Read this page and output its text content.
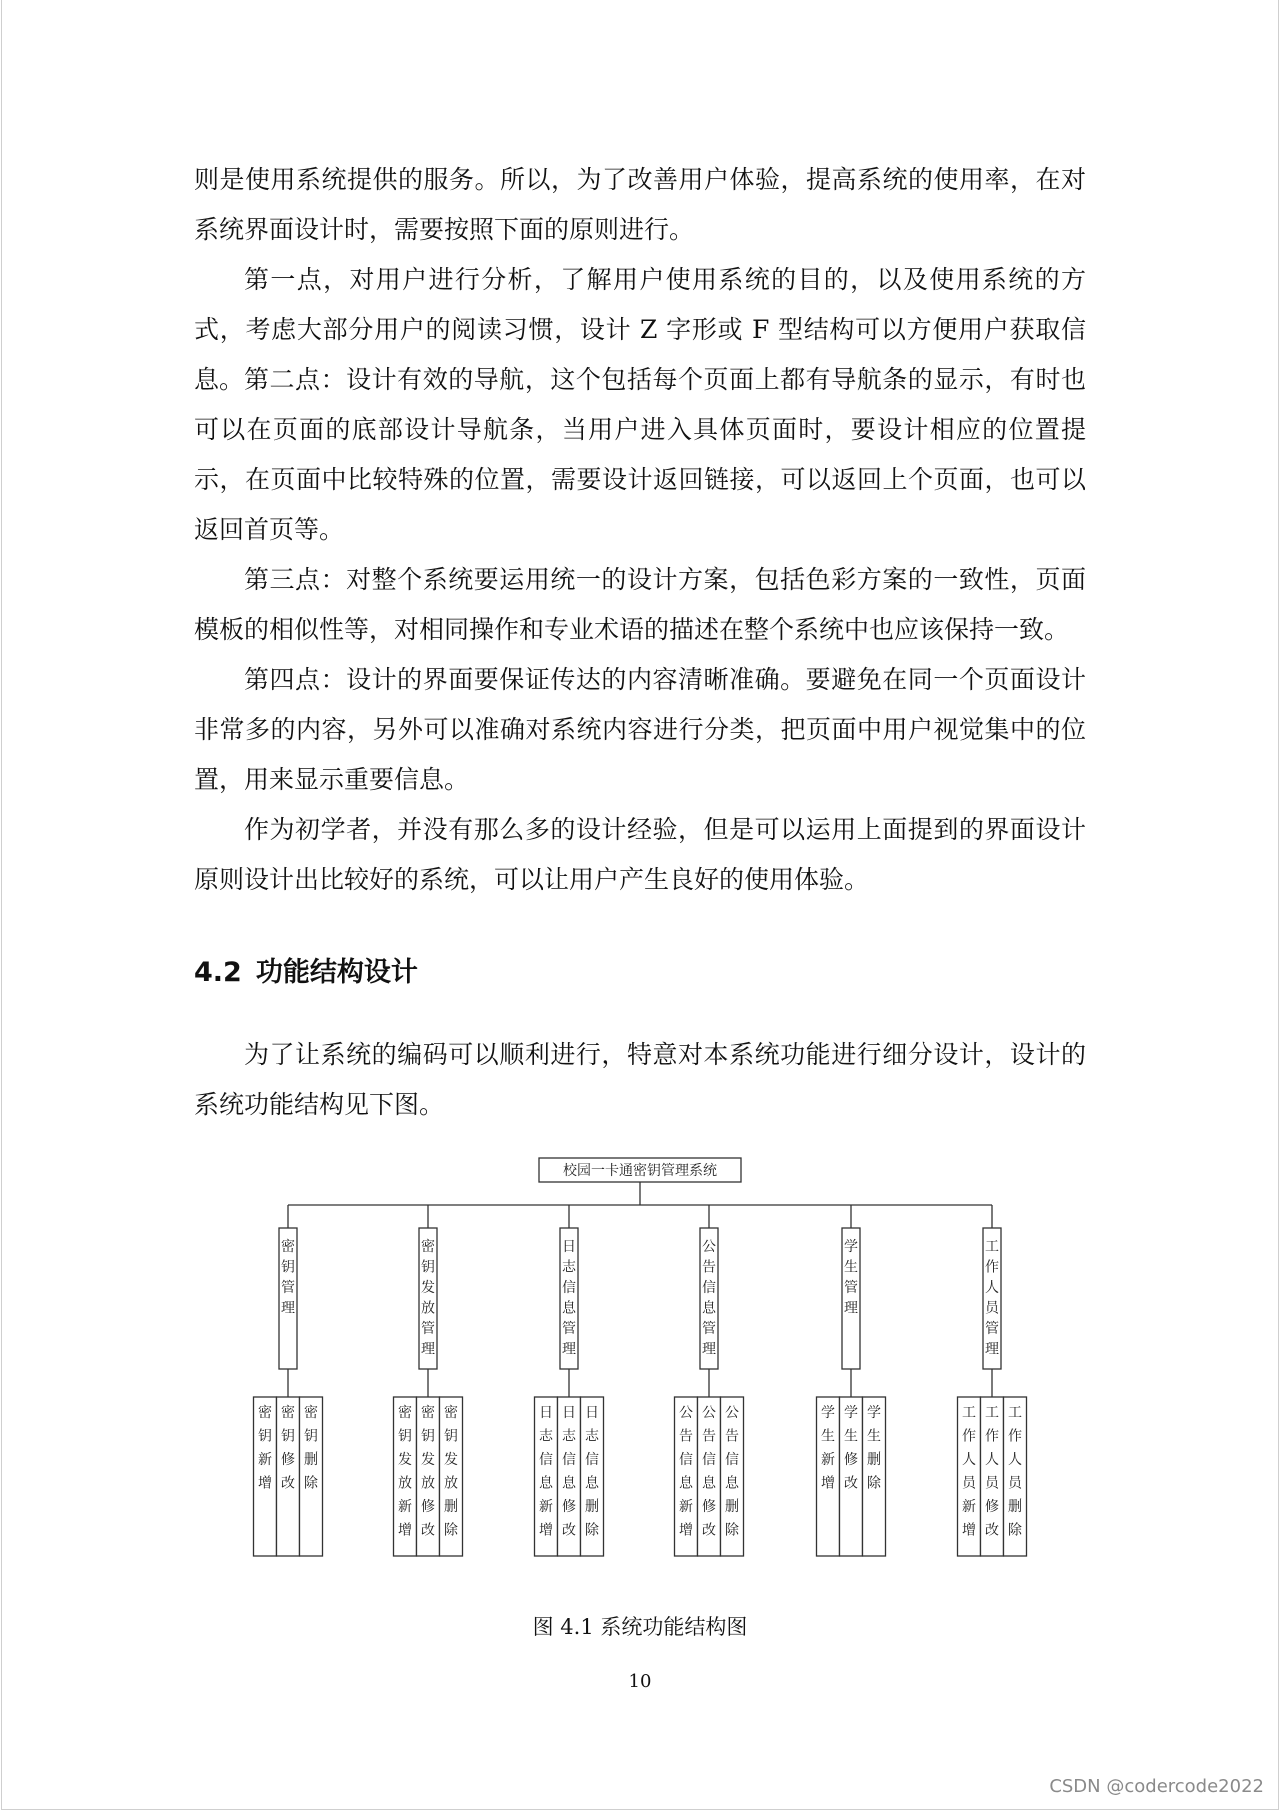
则是使用系统提供的服务。所以，为了改善用户体验，提高系统的使用率，在对系统界面设计时，需要按照下面的原则进行。

第一点，对用户进行分析，了解用户使用系统的目的，以及使用系统的方式，考虑大部分用户的阅读习惯，设计 Z 字形或 F 型结构可以方便用户获取信息。 第二点：设计有效的导航，这个包括每个页面上都有导航条的显示，有时也可以在页面的底部设计导航条，当用户进入具体页面时，要设计相应的位置提示，在页面中比较特殊的位置，需要设计返回链接，可以返回上个页面，也可以返回首页等。

第三点：对整个系统要运用统一的设计方案，包括色彩方案的一致性，页面模板的相似性等，对相同操作和专业术语的描述在整个系统中也应该保持一致。

第四点：设计的界面要保证传达的内容清晰准确。要避免在同一个页面设计非常多的内容，另外可以准确对系统内容进行分类，把页面中用户视觉集中的位置，用来显示重要信息。

作为初学者，并没有那么多的设计经验，但是可以运用上面提到的界面设计原则设计出比较好的系统，可以让用户产生良好的使用体验。

4.2 功能结构设计

为了让系统的编码可以顺利进行，特意对本系统功能进行细分设计，设计的系统功能结构见下图。

校园一卡通密钥管理系统
密钥管理
密钥新增
密钥修改
密钥删除
密钥发放管理
密钥发放新增
密钥发放修改
密钥发放删除
日志信息管理
日志信息新增
日志信息修改
日志信息删除
公告信息管理
公告信息新增
公告信息修改
公告信息删除
学生管理
学生新增
学生修改
学生删除
工作人员管理
工作人员新增
工作人员修改
工作人员删除

图 4.1 系统功能结构图

10

CSDN @codercode2022
